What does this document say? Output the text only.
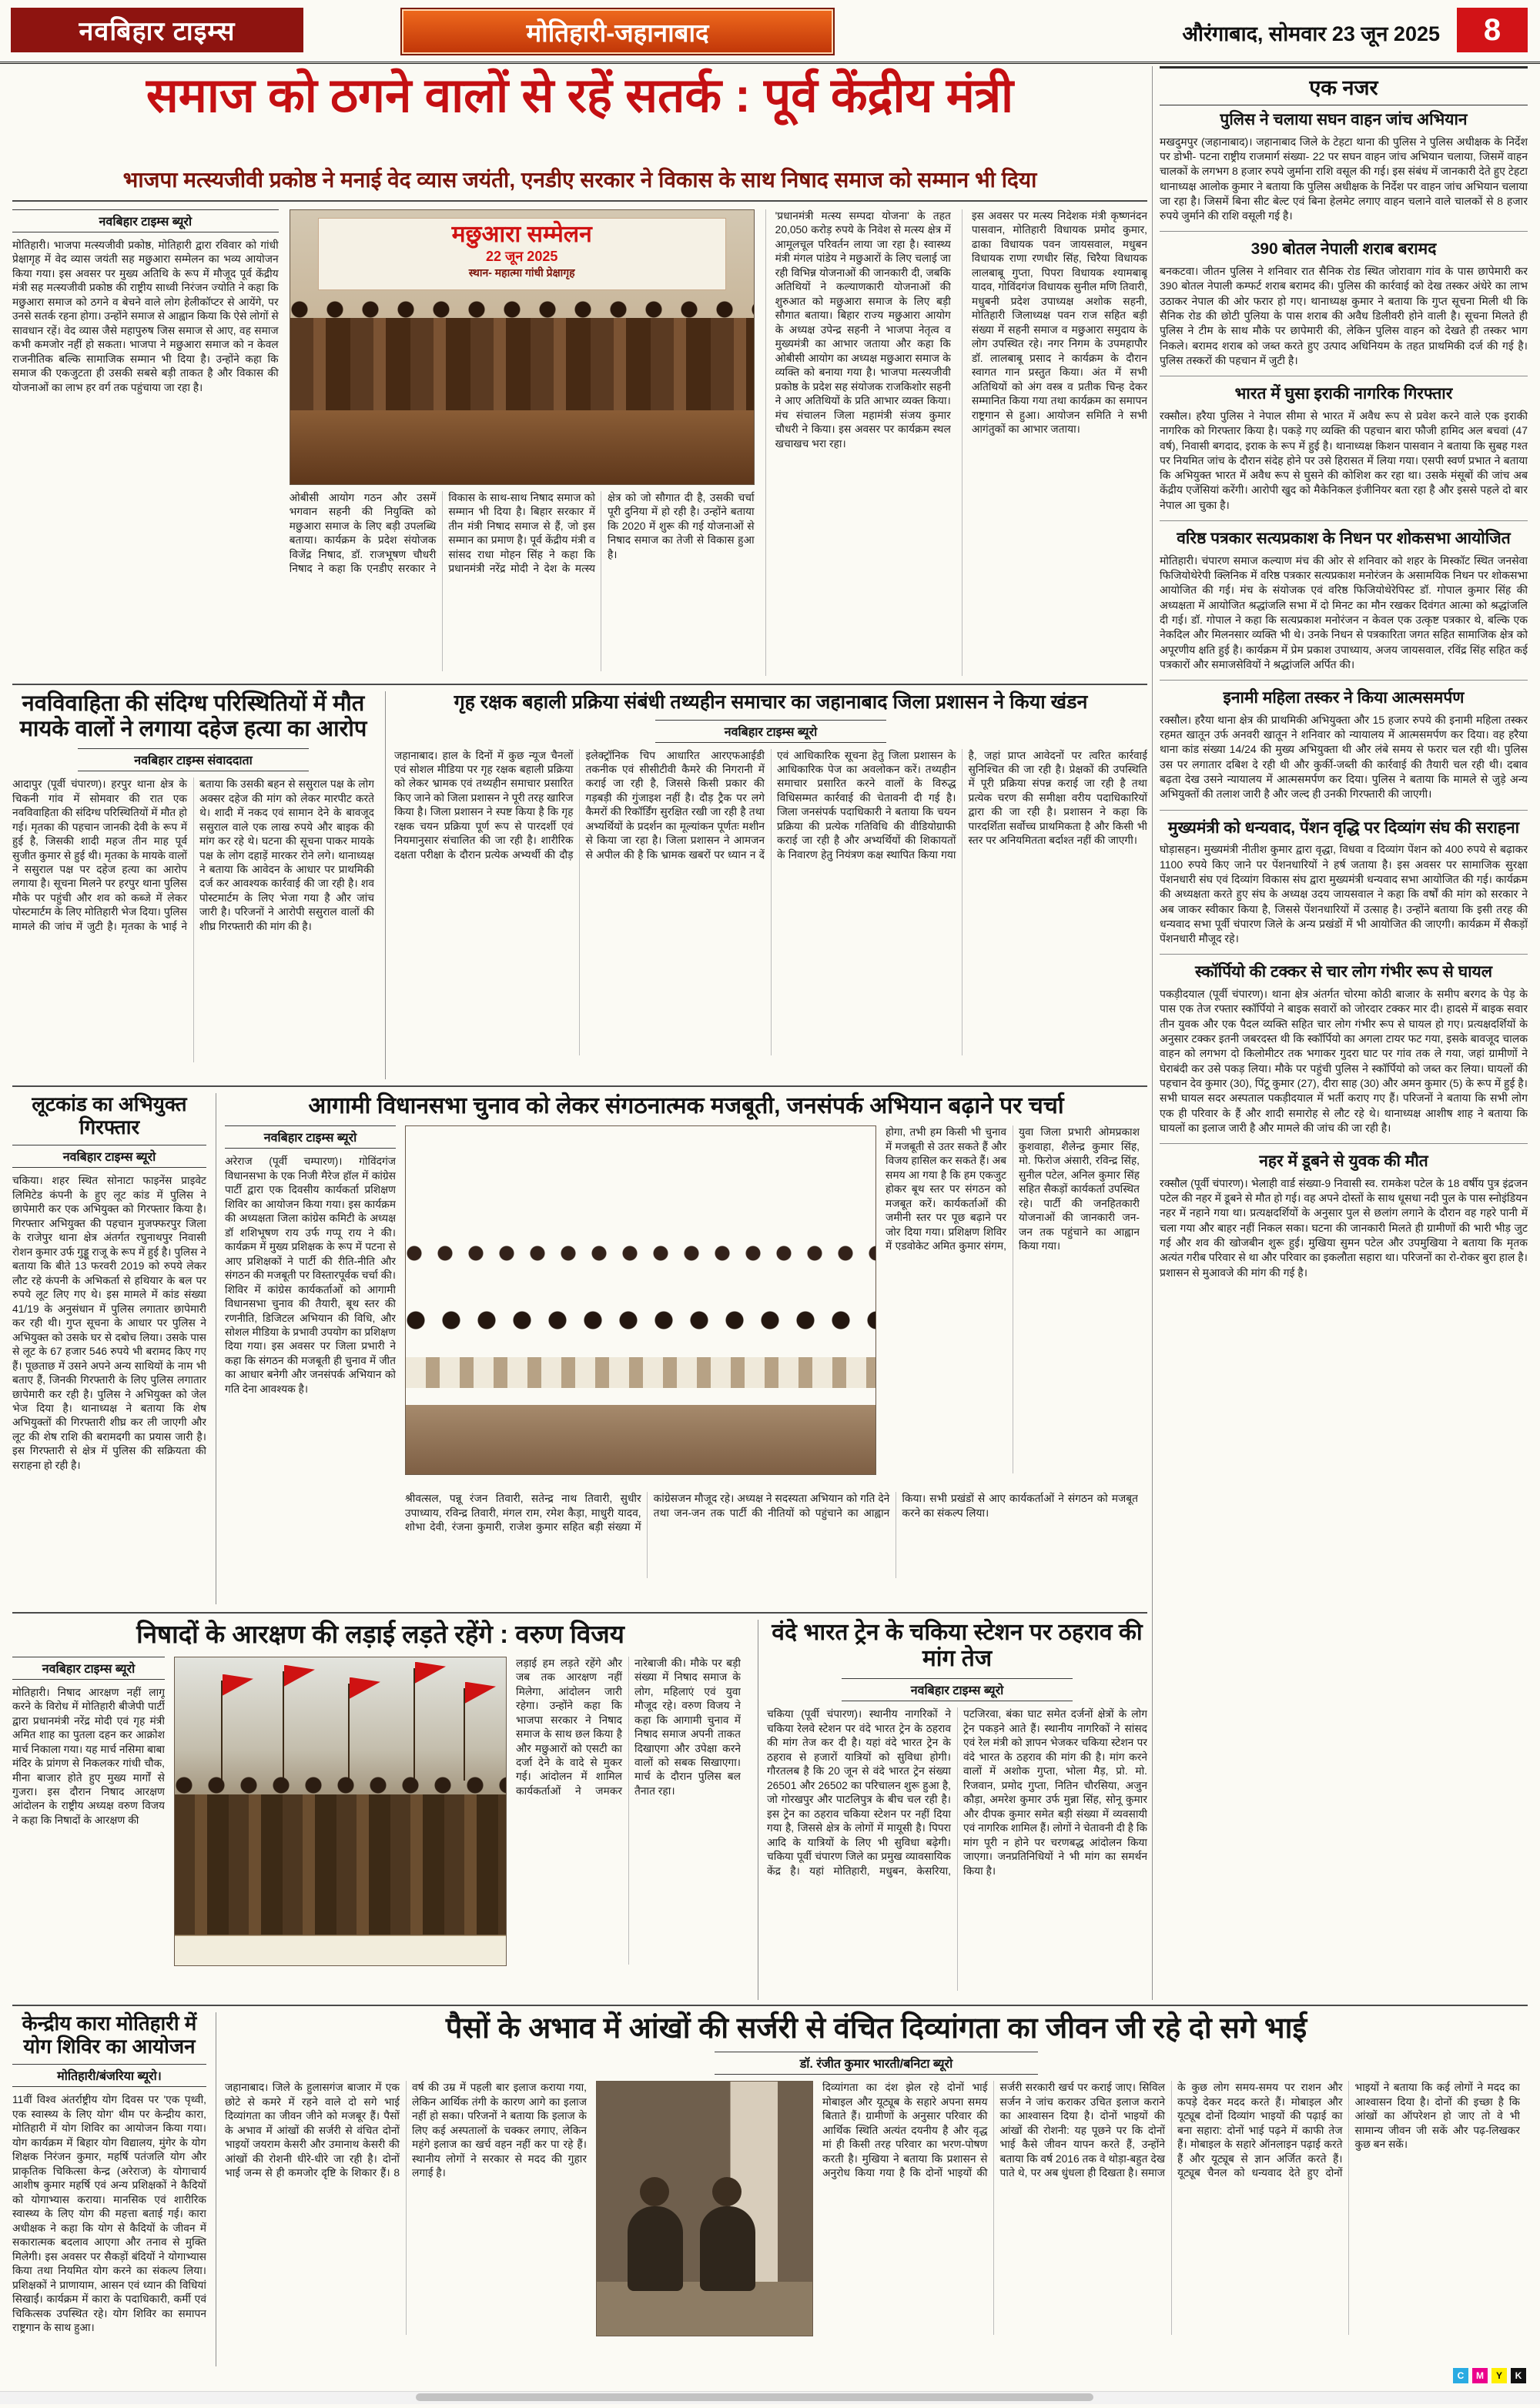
नवबिहार टाइम्स	मोतिहारी-जहानाबाद	औरंगाबाद, सोमवार 23 जून 2025	8
समाज को ठगने वालों से रहें सतर्क : पूर्व केंद्रीय मंत्री
भाजपा मत्स्यजीवी प्रकोष्ठ ने मनाई वेद व्यास जयंती, एनडीए सरकार ने विकास के साथ निषाद समाज को सम्मान भी दिया
नवबिहार टाइम्स ब्यूरो
मोतिहारी। भाजपा मत्स्यजीवी प्रकोष्ठ, मोतिहारी द्वारा रविवार को गांधी प्रेक्षागृह में वेद व्यास जयंती सह मछुआरा सम्मेलन का भव्य आयोजन किया गया। इस अवसर पर मुख्य अतिथि के रूप में मौजूद पूर्व केंद्रीय मंत्री सह मत्स्यजीवी प्रकोष्ठ की राष्ट्रीय साध्वी निरंजन ज्योति ने कहा कि मछुआरा समाज को ठगने व बेचने वाले लोग हेलीकॉप्टर से आयेंगे, पर उनसे सतर्क रहना होगा। उन्होंने समाज से आह्वान किया कि ऐसे लोगों से सावधान रहें। वेद व्यास जैसे महापुरुष जिस समाज से आए, वह समाज कभी कमजोर नहीं हो सकता। भाजपा ने मछुआरा समाज को न केवल राजनीतिक बल्कि सामाजिक सम्मान भी दिया है। उन्होंने कहा कि समाज की एकजुटता ही उसकी सबसे बड़ी ताकत है और विकास की योजनाओं का लाभ हर वर्ग तक पहुंचाया जा रहा है।
मछुआरा सम्मेलन
22 जून 2025
स्थान- महात्मा गांधी प्रेक्षागृह
ओबीसी आयोग गठन और उसमें भगवान सहनी की नियुक्ति को मछुआरा समाज के लिए बड़ी उपलब्धि बताया। कार्यक्रम के प्रदेश संयोजक विजेंद्र निषाद, डॉ. राजभूषण चौधरी निषाद ने कहा कि एनडीए सरकार ने विकास के साथ-साथ निषाद समाज को सम्मान भी दिया है। बिहार सरकार में तीन मंत्री निषाद समाज से हैं, जो इस सम्मान का प्रमाण है। पूर्व केंद्रीय मंत्री व सांसद राधा मोहन सिंह ने कहा कि प्रधानमंत्री नरेंद्र मोदी ने देश के मत्स्य क्षेत्र को जो सौगात दी है, उसकी चर्चा पूरी दुनिया में हो रही है। उन्होंने बताया कि 2020 में शुरू की गई योजनाओं से निषाद समाज का तेजी से विकास हुआ है।
'प्रधानमंत्री मत्स्य सम्पदा योजना' के तहत 20,050 करोड़ रुपये के निवेश से मत्स्य क्षेत्र में आमूलचूल परिवर्तन लाया जा रहा है। स्वास्थ्य मंत्री मंगल पांडेय ने मछुआरों के लिए चलाई जा रही विभिन्न योजनाओं की जानकारी दी, जबकि अतिथियों ने कल्याणकारी योजनाओं की शुरुआत को मछुआरा समाज के लिए बड़ी सौगात बताया। बिहार राज्य मछुआरा आयोग के अध्यक्ष उपेन्द्र सहनी ने भाजपा नेतृत्व व मुख्यमंत्री का आभार जताया और कहा कि ओबीसी आयोग का अध्यक्ष मछुआरा समाज के व्यक्ति को बनाया गया है। भाजपा मत्स्यजीवी प्रकोष्ठ के प्रदेश सह संयोजक राजकिशोर सहनी ने आए अतिथियों के प्रति आभार व्यक्त किया। मंच संचालन जिला महामंत्री संजय कुमार चौधरी ने किया। इस अवसर पर कार्यक्रम स्थल खचाखच भरा रहा।
इस अवसर पर मत्स्य निदेशक मंत्री कृष्णनंदन पासवान, मोतिहारी विधायक प्रमोद कुमार, ढाका विधायक पवन जायसवाल, मधुबन विधायक राणा रणधीर सिंह, चिरैया विधायक लालबाबू गुप्ता, पिपरा विधायक श्यामबाबू यादव, गोविंदगंज विधायक सुनील मणि तिवारी, मधुबनी प्रदेश उपाध्यक्ष अशोक सहनी, मोतिहारी जिलाध्यक्ष पवन राज सहित बड़ी संख्या में सहनी समाज व मछुआरा समुदाय के लोग उपस्थित रहे। नगर निगम के उपमहापौर डॉ. लालबाबू प्रसाद ने कार्यक्रम के दौरान स्वागत गान प्रस्तुत किया। अंत में सभी अतिथियों को अंग वस्त्र व प्रतीक चिन्ह देकर सम्मानित किया गया तथा कार्यक्रम का समापन राष्ट्रगान से हुआ। आयोजन समिति ने सभी आगंतुकों का आभार जताया।
नवविवाहिता की संदिग्ध परिस्थितियों में मौत मायके वालों ने लगाया दहेज हत्या का आरोप
नवबिहार टाइम्स संवाददाता
आदापुर (पूर्वी चंपारण)। हरपुर थाना क्षेत्र के चिकनी गांव में सोमवार की रात एक नवविवाहिता की संदिग्ध परिस्थितियों में मौत हो गई। मृतका की पहचान जानकी देवी के रूप में हुई है, जिसकी शादी महज तीन माह पूर्व सुजीत कुमार से हुई थी। मृतका के मायके वालों ने ससुराल पक्ष पर दहेज हत्या का आरोप लगाया है। सूचना मिलने पर हरपुर थाना पुलिस मौके पर पहुंची और शव को कब्जे में लेकर पोस्टमार्टम के लिए मोतिहारी भेज दिया। पुलिस मामले की जांच में जुटी है। मृतका के भाई ने बताया कि उसकी बहन से ससुराल पक्ष के लोग अक्सर दहेज की मांग को लेकर मारपीट करते थे। शादी में नकद एवं सामान देने के बावजूद ससुराल वाले एक लाख रुपये और बाइक की मांग कर रहे थे। घटना की सूचना पाकर मायके पक्ष के लोग दहाड़ें मारकर रोने लगे। थानाध्यक्ष ने बताया कि आवेदन के आधार पर प्राथमिकी दर्ज कर आवश्यक कार्रवाई की जा रही है। शव पोस्टमार्टम के लिए भेजा गया है और जांच जारी है। परिजनों ने आरोपी ससुराल वालों की शीघ्र गिरफ्तारी की मांग की है।
गृह रक्षक बहाली प्रक्रिया संबंधी तथ्यहीन समाचार का जहानाबाद जिला प्रशासन ने किया खंडन
नवबिहार टाइम्स ब्यूरो
जहानाबाद। हाल के दिनों में कुछ न्यूज चैनलों एवं सोशल मीडिया पर गृह रक्षक बहाली प्रक्रिया को लेकर भ्रामक एवं तथ्यहीन समाचार प्रसारित किए जाने को जिला प्रशासन ने पूरी तरह खारिज किया है। जिला प्रशासन ने स्पष्ट किया है कि गृह रक्षक चयन प्रक्रिया पूर्ण रूप से पारदर्शी एवं नियमानुसार संचालित की जा रही है। शारीरिक दक्षता परीक्षा के दौरान प्रत्येक अभ्यर्थी की दौड़ इलेक्ट्रॉनिक चिप आधारित आरएफआईडी तकनीक एवं सीसीटीवी कैमरे की निगरानी में कराई जा रही है, जिससे किसी प्रकार की गड़बड़ी की गुंजाइश नहीं है। दौड़ ट्रैक पर लगे कैमरों की रिकॉर्डिंग सुरक्षित रखी जा रही है तथा अभ्यर्थियों के प्रदर्शन का मूल्यांकन पूर्णतः मशीन से किया जा रहा है। जिला प्रशासन ने आमजन से अपील की है कि भ्रामक खबरों पर ध्यान न दें एवं आधिकारिक सूचना हेतु जिला प्रशासन के आधिकारिक पेज का अवलोकन करें। तथ्यहीन समाचार प्रसारित करने वालों के विरुद्ध विधिसम्मत कार्रवाई की चेतावनी दी गई है। जिला जनसंपर्क पदाधिकारी ने बताया कि चयन प्रक्रिया की प्रत्येक गतिविधि की वीडियोग्राफी कराई जा रही है और अभ्यर्थियों की शिकायतों के निवारण हेतु नियंत्रण कक्ष स्थापित किया गया है, जहां प्राप्त आवेदनों पर त्वरित कार्रवाई सुनिश्चित की जा रही है। प्रेक्षकों की उपस्थिति में पूरी प्रक्रिया संपन्न कराई जा रही है तथा प्रत्येक चरण की समीक्षा वरीय पदाधिकारियों द्वारा की जा रही है। प्रशासन ने कहा कि पारदर्शिता सर्वोच्च प्राथमिकता है और किसी भी स्तर पर अनियमितता बर्दाश्त नहीं की जाएगी।
लूटकांड का अभियुक्त गिरफ्तार
नवबिहार टाइम्स ब्यूरो
चकिया। शहर स्थित सोनाटा फाइनेंस प्राइवेट लिमिटेड कंपनी के हुए लूट कांड में पुलिस ने छापेमारी कर एक अभियुक्त को गिरफ्तार किया है। गिरफ्तार अभियुक्त की पहचान मुजफ्फरपुर जिला के राजेपुर थाना क्षेत्र अंतर्गत रघुनाथपुर निवासी रोशन कुमार उर्फ गुड्डू राजू के रूप में हुई है। पुलिस ने बताया कि बीते 13 फरवरी 2019 को रुपये लेकर लौट रहे कंपनी के अभिकर्ता से हथियार के बल पर रुपये लूट लिए गए थे। इस मामले में कांड संख्या 41/19 के अनुसंधान में पुलिस लगातार छापेमारी कर रही थी। गुप्त सूचना के आधार पर पुलिस ने अभियुक्त को उसके घर से दबोच लिया। उसके पास से लूट के 67 हजार 546 रुपये भी बरामद किए गए हैं। पूछताछ में उसने अपने अन्य साथियों के नाम भी बताए हैं, जिनकी गिरफ्तारी के लिए पुलिस लगातार छापेमारी कर रही है। पुलिस ने अभियुक्त को जेल भेज दिया है। थानाध्यक्ष ने बताया कि शेष अभियुक्तों की गिरफ्तारी शीघ्र कर ली जाएगी और लूट की शेष राशि की बरामदगी का प्रयास जारी है। इस गिरफ्तारी से क्षेत्र में पुलिस की सक्रियता की सराहना हो रही है।
आगामी विधानसभा चुनाव को लेकर संगठनात्मक मजबूती, जनसंपर्क अभियान बढ़ाने पर चर्चा
नवबिहार टाइम्स ब्यूरो
अरेराज (पूर्वी चम्पारण)। गोविंदगंज विधानसभा के एक निजी मैरेज हॉल में कांग्रेस पार्टी द्वारा एक दिवसीय कार्यकर्ता प्रशिक्षण शिविर का आयोजन किया गया। इस कार्यक्रम की अध्यक्षता जिला कांग्रेस कमिटी के अध्यक्ष डॉ शशिभूषण राय उर्फ गप्पू राय ने की। कार्यक्रम में मुख्य प्रशिक्षक के रूप में पटना से आए प्रशिक्षकों ने पार्टी की रीति-नीति और संगठन की मजबूती पर विस्तारपूर्वक चर्चा की। शिविर में कांग्रेस कार्यकर्ताओं को आगामी विधानसभा चुनाव की तैयारी, बूथ स्तर की रणनीति, डिजिटल अभियान की विधि, और सोशल मीडिया के प्रभावी उपयोग का प्रशिक्षण दिया गया। इस अवसर पर जिला प्रभारी ने कहा कि संगठन की मजबूती ही चुनाव में जीत का आधार बनेगी और जनसंपर्क अभियान को गति देना आवश्यक है।
होगा, तभी हम किसी भी चुनाव में मजबूती से उतर सकते हैं और विजय हासिल कर सकते हैं। अब समय आ गया है कि हम एकजुट होकर बूथ स्तर पर संगठन को मजबूत करें। कार्यकर्ताओं की जमीनी स्तर पर पूछ बढ़ाने पर जोर दिया गया। प्रशिक्षण शिविर में एडवोकेट अमित कुमार संगम, युवा जिला प्रभारी ओमप्रकाश कुशवाहा, शैलेन्द्र कुमार सिंह, मो. फिरोज अंसारी, रविन्द्र सिंह, सुनील पटेल, अनिल कुमार सिंह सहित सैकड़ों कार्यकर्ता उपस्थित रहे। पार्टी की जनहितकारी योजनाओं की जानकारी जन-जन तक पहुंचाने का आह्वान किया गया।
श्रीवत्सल, पन्नू रंजन तिवारी, सतेन्द्र नाथ तिवारी, सुधीर उपाध्याय, रविन्द्र तिवारी, मंगल राम, रमेश कैड़ा, माधुरी यादव, शोभा देवी, रंजना कुमारी, राजेश कुमार सहित बड़ी संख्या में कांग्रेसजन मौजूद रहे। अध्यक्ष ने सदस्यता अभियान को गति देने तथा जन-जन तक पार्टी की नीतियों को पहुंचाने का आह्वान किया। सभी प्रखंडों से आए कार्यकर्ताओं ने संगठन को मजबूत करने का संकल्प लिया।
निषादों के आरक्षण की लड़ाई लड़ते रहेंगे : वरुण विजय
नवबिहार टाइम्स ब्यूरो
मोतिहारी। निषाद आरक्षण नहीं लागू करने के विरोध में मोतिहारी बीजेपी पार्टी द्वारा प्रधानमंत्री नरेंद्र मोदी एवं गृह मंत्री अमित शाह का पुतला दहन कर आक्रोश मार्च निकाला गया। यह मार्च नसिमा बाबा मंदिर के प्रांगण से निकलकर गांधी चौक, मीना बाजार होते हुए मुख्य मार्गों से गुजरा। इस दौरान निषाद आरक्षण आंदोलन के राष्ट्रीय अध्यक्ष वरुण विजय ने कहा कि निषादों के आरक्षण की
लड़ाई हम लड़ते रहेंगे और जब तक आरक्षण नहीं मिलेगा, आंदोलन जारी रहेगा। उन्होंने कहा कि भाजपा सरकार ने निषाद समाज के साथ छल किया है और मछुआरों को एसटी का दर्जा देने के वादे से मुकर गई। आंदोलन में शामिल कार्यकर्ताओं ने जमकर नारेबाजी की। मौके पर बड़ी संख्या में निषाद समाज के लोग, महिलाएं एवं युवा मौजूद रहे। वरुण विजय ने कहा कि आगामी चुनाव में निषाद समाज अपनी ताकत दिखाएगा और उपेक्षा करने वालों को सबक सिखाएगा। मार्च के दौरान पुलिस बल तैनात रहा।
वंदे भारत ट्रेन के चकिया स्टेशन पर ठहराव की मांग तेज
नवबिहार टाइम्स ब्यूरो
चकिया (पूर्वी चंपारण)। स्थानीय नागरिकों ने चकिया रेलवे स्टेशन पर वंदे भारत ट्रेन के ठहराव की मांग तेज कर दी है। यहां वंदे भारत ट्रेन के ठहराव से हजारों यात्रियों को सुविधा होगी। गौरतलब है कि 20 जून से वंदे भारत ट्रेन संख्या 26501 और 26502 का परिचालन शुरू हुआ है, जो गोरखपुर और पाटलिपुत्र के बीच चल रही है। इस ट्रेन का ठहराव चकिया स्टेशन पर नहीं दिया गया है, जिससे क्षेत्र के लोगों में मायूसी है। पिपरा आदि के यात्रियों के लिए भी सुविधा बढ़ेगी। चकिया पूर्वी चंपारण जिले का प्रमुख व्यावसायिक केंद्र है। यहां मोतिहारी, मधुबन, केसरिया, पटजिरवा, बंका घाट समेत दर्जनों क्षेत्रों के लोग ट्रेन पकड़ने आते हैं। स्थानीय नागरिकों ने सांसद एवं रेल मंत्री को ज्ञापन भेजकर चकिया स्टेशन पर वंदे भारत के ठहराव की मांग की है। मांग करने वालों में अशोक गुप्ता, भोला मैड़, प्रो. मो. रिजवान, प्रमोद गुप्ता, नितिन चौरसिया, अजुन कौड़ा, अमरेश कुमार उर्फ मुन्ना सिंह, सोनू कुमार और दीपक कुमार समेत बड़ी संख्या में व्यवसायी एवं नागरिक शामिल हैं। लोगों ने चेतावनी दी है कि मांग पूरी न होने पर चरणबद्ध आंदोलन किया जाएगा। जनप्रतिनिधियों ने भी मांग का समर्थन किया है।
केन्द्रीय कारा मोतिहारी में योग शिविर का आयोजन
मोतिहारी/बंजरिया ब्यूरो।
11वीं विश्व अंतर्राष्ट्रीय योग दिवस पर 'एक पृथ्वी, एक स्वास्थ्य के लिए योग' थीम पर केन्द्रीय कारा, मोतिहारी में योग शिविर का आयोजन किया गया। योग कार्यक्रम में बिहार योग विद्यालय, मुंगेर के योग शिक्षक निरंजन कुमार, महर्षि पतंजलि योग और प्राकृतिक चिकित्सा केन्द्र (अरेराज) के योगाचार्य आशीष कुमार महर्षि एवं अन्य प्रशिक्षकों ने कैदियों को योगाभ्यास कराया। मानसिक एवं शारीरिक स्वास्थ्य के लिए योग की महत्ता बताई गई। कारा अधीक्षक ने कहा कि योग से कैदियों के जीवन में सकारात्मक बदलाव आएगा और तनाव से मुक्ति मिलेगी। इस अवसर पर सैकड़ों बंदियों ने योगाभ्यास किया तथा नियमित योग करने का संकल्प लिया। प्रशिक्षकों ने प्राणायाम, आसन एवं ध्यान की विधियां सिखाईं। कार्यक्रम में कारा के पदाधिकारी, कर्मी एवं चिकित्सक उपस्थित रहे। योग शिविर का समापन राष्ट्रगान के साथ हुआ।
पैसों के अभाव में आंखों की सर्जरी से वंचित दिव्यांगता का जीवन जी रहे दो सगे भाई
डॉ. रंजीत कुमार भारती/बनिटा ब्यूरो
जहानाबाद। जिले के हुलासगंज बाजार में एक छोटे से कमरे में रहने वाले दो सगे भाई दिव्यांगता का जीवन जीने को मजबूर हैं। पैसों के अभाव में आंखों की सर्जरी से वंचित दोनों भाइयों जयराम केसरी और उमानाथ केसरी की आंखों की रोशनी धीरे-धीरे जा रही है। दोनों भाई जन्म से ही कमजोर दृष्टि के शिकार हैं। 8 वर्ष की उम्र में पहली बार इलाज कराया गया, लेकिन आर्थिक तंगी के कारण आगे का इलाज नहीं हो सका। परिजनों ने बताया कि इलाज के लिए कई अस्पतालों के चक्कर लगाए, लेकिन महंगे इलाज का खर्च वहन नहीं कर पा रहे हैं। स्थानीय लोगों ने सरकार से मदद की गुहार लगाई है।
दिव्यांगता का दंश झेल रहे दोनों भाई मोबाइल और यूट्यूब के सहारे अपना समय बिताते हैं। ग्रामीणों के अनुसार परिवार की आर्थिक स्थिति अत्यंत दयनीय है और वृद्ध मां ही किसी तरह परिवार का भरण-पोषण करती है। मुखिया ने बताया कि प्रशासन से अनुरोध किया गया है कि दोनों भाइयों की सर्जरी सरकारी खर्च पर कराई जाए। सिविल सर्जन ने जांच कराकर उचित इलाज कराने का आश्वासन दिया है। दोनों भाइयों की आंखों की रोशनी: यह पूछने पर कि दोनों भाई कैसे जीवन यापन करते हैं, उन्होंने बताया कि वर्ष 2016 तक वे थोड़ा-बहुत देख पाते थे, पर अब धुंधला ही दिखता है। समाज के कुछ लोग समय-समय पर राशन और कपड़े देकर मदद करते हैं। मोबाइल और यूट्यूब दोनों दिव्यांग भाइयों की पढ़ाई का बना सहारा: दोनों भाई पढ़ने में काफी तेज हैं। मोबाइल के सहारे ऑनलाइन पढ़ाई करते हैं और यूट्यूब से ज्ञान अर्जित करते हैं। यूट्यूब चैनल को धन्यवाद देते हुए दोनों भाइयों ने बताया कि कई लोगों ने मदद का आश्वासन दिया है। दोनों की इच्छा है कि आंखों का ऑपरेशन हो जाए तो वे भी सामान्य जीवन जी सकें और पढ़-लिखकर कुछ बन सकें।
एक नजर
पुलिस ने चलाया सघन वाहन जांच अभियान
मखदुमपुर (जहानाबाद)। जहानाबाद जिले के टेहटा थाना की पुलिस ने पुलिस अधीक्षक के निर्देश पर डोभी- पटना राष्ट्रीय राजमार्ग संख्या- 22 पर सघन वाहन जांच अभियान चलाया, जिसमें वाहन चालकों के लगभग 8 हजार रुपये जुर्माना राशि वसूल की गई। इस संबंध में जानकारी देते हुए टेहटा थानाध्यक्ष आलोक कुमार ने बताया कि पुलिस अधीक्षक के निर्देश पर वाहन जांच अभियान चलाया जा रहा है। जिसमें बिना सीट बेल्ट एवं बिना हेलमेट लगाए वाहन चलाने वाले चालकों से 8 हजार रुपये जुर्माने की राशि वसूली गई है।
390 बोतल नेपाली शराब बरामद
बनकटवा। जीतन पुलिस ने शनिवार रात सैनिक रोड स्थित जोरावाग गांव के पास छापेमारी कर 390 बोतल नेपाली कम्फर्ट शराब बरामद की। पुलिस की कार्रवाई को देख तस्कर अंधेरे का लाभ उठाकर नेपाल की ओर फरार हो गए। थानाध्यक्ष कुमार ने बताया कि गुप्त सूचना मिली थी कि सैनिक रोड की छोटी पुलिया के पास शराब की अवैध डिलीवरी होने वाली है। सूचना मिलते ही पुलिस ने टीम के साथ मौके पर छापेमारी की, लेकिन पुलिस वाहन को देखते ही तस्कर भाग निकले। बरामद शराब को जब्त करते हुए उत्पाद अधिनियम के तहत प्राथमिकी दर्ज की गई है। पुलिस तस्करों की पहचान में जुटी है।
भारत में घुसा इराकी नागरिक गिरफ्तार
रक्सौल। हरैया पुलिस ने नेपाल सीमा से भारत में अवैध रूप से प्रवेश करने वाले एक इराकी नागरिक को गिरफ्तार किया है। पकड़े गए व्यक्ति की पहचान बारा फौजी हामिद अल बचवां (47 वर्ष), निवासी बगदाद, इराक के रूप में हुई है। थानाध्यक्ष किशन पासवान ने बताया कि सुबह गश्त पर नियमित जांच के दौरान संदेह होने पर उसे हिरासत में लिया गया। एसपी स्वर्ण प्रभात ने बताया कि अभियुक्त भारत में अवैध रूप से घुसने की कोशिश कर रहा था। उसके मंसूबों की जांच अब केंद्रीय एजेंसियां करेंगी। आरोपी खुद को मैकेनिकल इंजीनियर बता रहा है और इससे पहले दो बार नेपाल आ चुका है।
वरिष्ठ पत्रकार सत्यप्रकाश के निधन पर शोकसभा आयोजित
मोतिहारी। चंपारण समाज कल्याण मंच की ओर से शनिवार को शहर के मिस्कॉट स्थित जनसेवा फिजियोथेरेपी क्लिनिक में वरिष्ठ पत्रकार सत्यप्रकाश मनोरंजन के असामयिक निधन पर शोकसभा आयोजित की गई। मंच के संयोजक एवं वरिष्ठ फिजियोथेरेपिस्ट डॉ. गोपाल कुमार सिंह की अध्यक्षता में आयोजित श्रद्धांजलि सभा में दो मिनट का मौन रखकर दिवंगत आत्मा को श्रद्धांजलि दी गई। डॉ. गोपाल ने कहा कि सत्यप्रकाश मनोरंजन न केवल एक उत्कृष्ट पत्रकार थे, बल्कि एक नेकदिल और मिलनसार व्यक्ति भी थे। उनके निधन से पत्रकारिता जगत सहित सामाजिक क्षेत्र को अपूरणीय क्षति हुई है। कार्यक्रम में प्रेम प्रकाश उपाध्याय, अजय जायसवाल, रविंद्र सिंह सहित कई पत्रकारों और समाजसेवियों ने श्रद्धांजलि अर्पित की।
इनामी महिला तस्कर ने किया आत्मसमर्पण
रक्सौल। हरैया थाना क्षेत्र की प्राथमिकी अभियुक्ता और 15 हजार रुपये की इनामी महिला तस्कर रहमत खातून उर्फ अनवरी खातून ने शनिवार को न्यायालय में आत्मसमर्पण कर दिया। वह हरैया थाना कांड संख्या 14/24 की मुख्य अभियुक्ता थी और लंबे समय से फरार चल रही थी। पुलिस उस पर लगातार दबिश दे रही थी और कुर्की-जब्ती की कार्रवाई की तैयारी चल रही थी। दबाव बढ़ता देख उसने न्यायालय में आत्मसमर्पण कर दिया। पुलिस ने बताया कि मामले से जुड़े अन्य अभियुक्तों की तलाश जारी है और जल्द ही उनकी गिरफ्तारी की जाएगी।
मुख्यमंत्री को धन्यवाद, पेंशन वृद्धि पर दिव्यांग संघ की सराहना
घोड़ासहन। मुख्यमंत्री नीतीश कुमार द्वारा वृद्धा, विधवा व दिव्यांग पेंशन को 400 रुपये से बढ़ाकर 1100 रुपये किए जाने पर पेंशनधारियों ने हर्ष जताया है। इस अवसर पर सामाजिक सुरक्षा पेंशनधारी संघ एवं दिव्यांग विकास संघ द्वारा मुख्यमंत्री धन्यवाद सभा आयोजित की गई। कार्यक्रम की अध्यक्षता करते हुए संघ के अध्यक्ष उदय जायसवाल ने कहा कि वर्षों की मांग को सरकार ने अब जाकर स्वीकार किया है, जिससे पेंशनधारियों में उत्साह है। उन्होंने बताया कि इसी तरह की धन्यवाद सभा पूर्वी चंपारण जिले के अन्य प्रखंडों में भी आयोजित की जाएगी। कार्यक्रम में सैकड़ों पेंशनधारी मौजूद रहे।
स्कॉर्पियो की टक्कर से चार लोग गंभीर रूप से घायल
पकड़ीदयाल (पूर्वी चंपारण)। थाना क्षेत्र अंतर्गत चोरमा कोठी बाजार के समीप बरगद के पेड़ के पास एक तेज रफ्तार स्कॉर्पियो ने बाइक सवारों को जोरदार टक्कर मार दी। हादसे में बाइक सवार तीन युवक और एक पैदल व्यक्ति सहित चार लोग गंभीर रूप से घायल हो गए। प्रत्यक्षदर्शियों के अनुसार टक्कर इतनी जबरदस्त थी कि स्कॉर्पियो का अगला टायर फट गया, इसके बावजूद चालक वाहन को लगभग दो किलोमीटर तक भगाकर गुदरा घाट पर गांव तक ले गया, जहां ग्रामीणों ने घेराबंदी कर उसे पकड़ लिया। मौके पर पहुंची पुलिस ने स्कॉर्पियो को जब्त कर लिया। घायलों की पहचान देव कुमार (30), पिंटू कुमार (27), दीरा साह (30) और अमन कुमार (5) के रूप में हुई है। सभी घायल सदर अस्पताल पकड़ीदयाल में भर्ती कराए गए हैं। परिजनों ने बताया कि सभी लोग एक ही परिवार के हैं और शादी समारोह से लौट रहे थे। थानाध्यक्ष आशीष शाह ने बताया कि घायलों का इलाज जारी है और मामले की जांच की जा रही है।
नहर में डूबने से युवक की मौत
रक्सौल (पूर्वी चंपारण)। भेलाही वार्ड संख्या-9 निवासी स्व. रामकेश पटेल के 18 वर्षीय पुत्र इंद्रजन पटेल की नहर में डूबने से मौत हो गई। वह अपने दोस्तों के साथ धूसधा नदी पुल के पास स्नोइंडियन नहर में नहाने गया था। प्रत्यक्षदर्शियों के अनुसार पुल से छलांग लगाने के दौरान वह गहरे पानी में चला गया और बाहर नहीं निकल सका। घटना की जानकारी मिलते ही ग्रामीणों की भारी भीड़ जुट गई और शव की खोजबीन शुरू हुई। मुखिया सुमन पटेल और उपमुखिया ने बताया कि मृतक अत्यंत गरीब परिवार से था और परिवार का इकलौता सहारा था। परिजनों का रो-रोकर बुरा हाल है। प्रशासन से मुआवजे की मांग की गई है।
C	M	Y	K
